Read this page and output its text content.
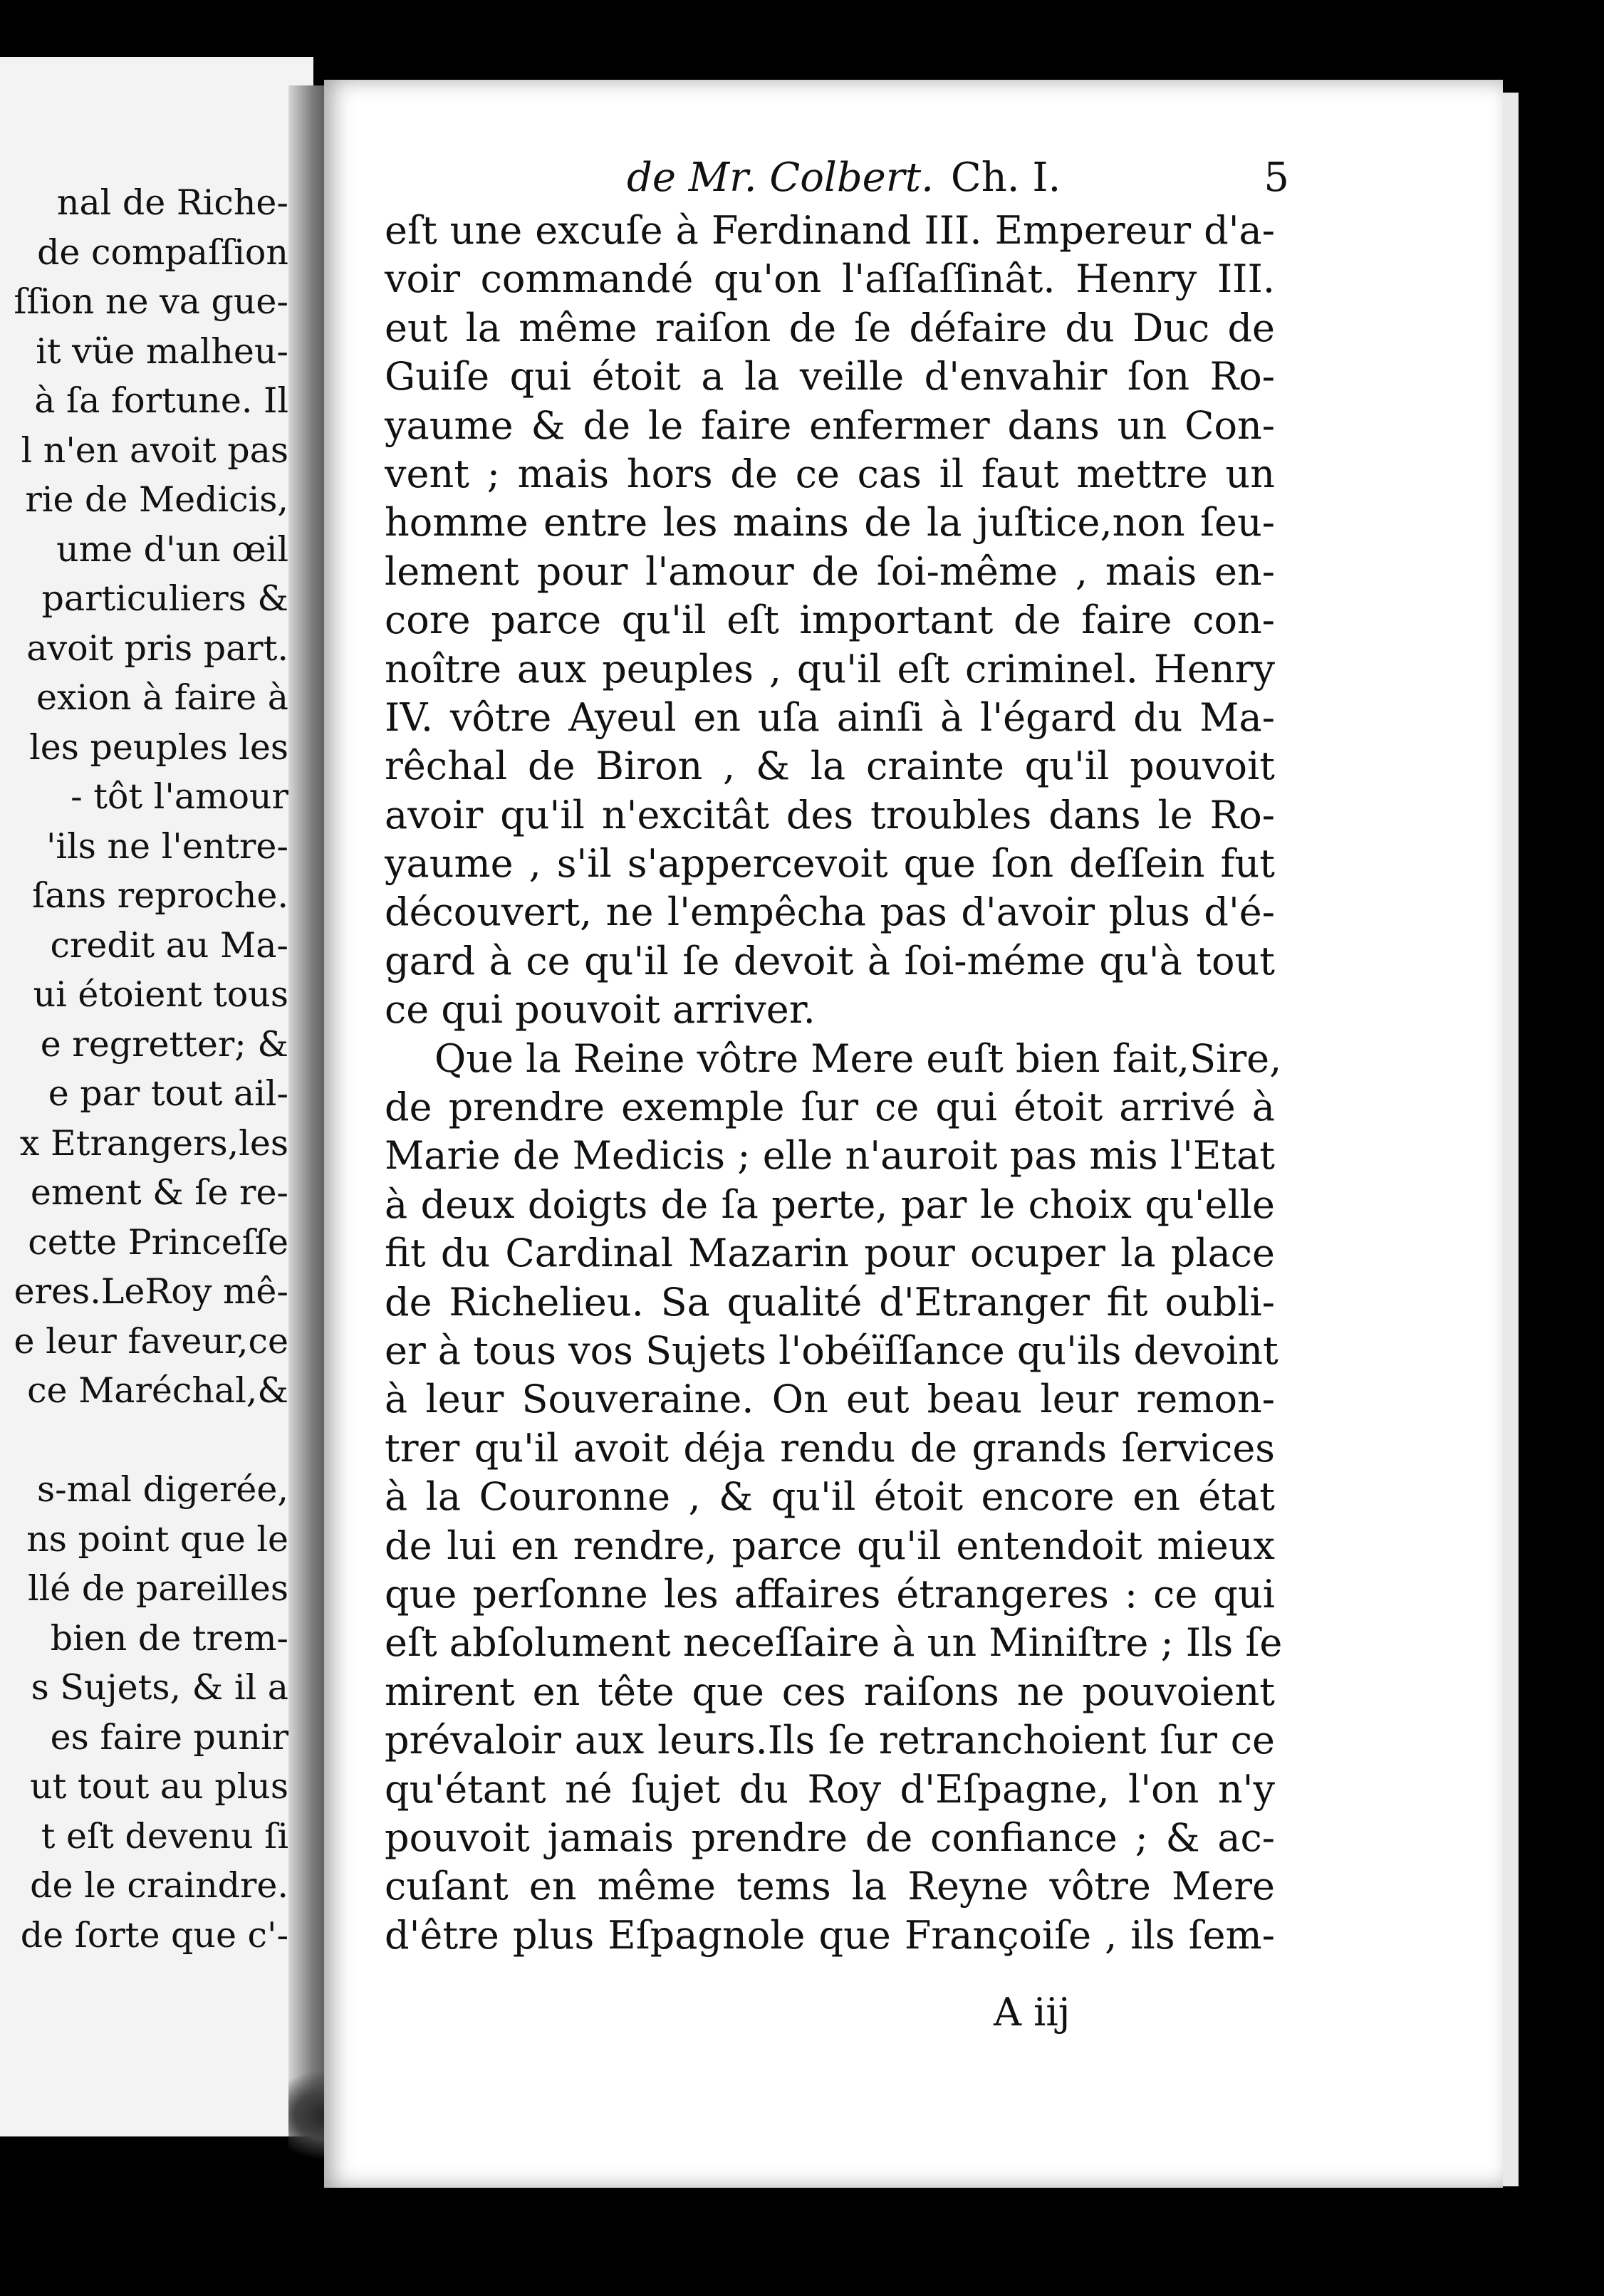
nal de Riche-
de compaſſion
ſſion ne va gue-
it vüe malheu-
à ſa fortune. Il
l n'en avoit pas
rie de Medicis,
ume d'un œil
particuliers &
avoit pris part.
exion à faire à
les peuples les
- tôt l'amour
'ils ne l'entre-
ſans reproche.
credit au Ma-
ui étoient tous
e regretter; &
e par tout ail-
x Etrangers,les
ement & ſe re-
cette Princeſſe
eres.LeRoy mê-
e leur faveur,ce
ce Maréchal,&
s-mal digerée,
ns point que le
llé de pareilles
bien de trem-
s Sujets, & il a
es faire punir
ut tout au plus
t eſt devenu ſi
de le craindre.
de ſorte que c'-
de Mr. Colbert. Ch. I.	5
eſt une excuſe à Ferdinand III. Empereur d'a-
voir commandé qu'on l'aſſaſſinât. Henry III.
eut la même raiſon de ſe défaire du Duc de
Guiſe qui étoit a la veille d'envahir ſon Ro-
yaume & de le faire enfermer dans un Con-
vent ; mais hors de ce cas il faut mettre un
homme entre les mains de la juſtice,non ſeu-
lement pour l'amour de ſoi-même , mais en-
core parce qu'il eſt important de faire con-
noître aux peuples , qu'il eſt criminel. Henry
IV. vôtre Ayeul en uſa ainſi à l'égard du Ma-
rêchal de Biron , & la crainte qu'il pouvoit
avoir qu'il n'excitât des troubles dans le Ro-
yaume , s'il s'appercevoit que ſon deſſein fut
découvert, ne l'empêcha pas d'avoir plus d'é-
gard à ce qu'il ſe devoit à ſoi-méme qu'à tout
ce qui pouvoit arriver.
Que la Reine vôtre Mere euſt bien fait,Sire,
de prendre exemple ſur ce qui étoit arrivé à
Marie de Medicis ; elle n'auroit pas mis l'Etat
à deux doigts de ſa perte, par le choix qu'elle
fit du Cardinal Mazarin pour ocuper la place
de Richelieu. Sa qualité d'Etranger fit oubli-
er à tous vos Sujets l'obéïſſance qu'ils devoint
à leur Souveraine. On eut beau leur remon-
trer qu'il avoit déja rendu de grands ſervices
à la Couronne , & qu'il étoit encore en état
de lui en rendre, parce qu'il entendoit mieux
que perſonne les affaires étrangeres : ce qui
eſt abſolument neceſſaire à un Miniſtre ; Ils ſe
mirent en tête que ces raiſons ne pouvoient
prévaloir aux leurs.Ils ſe retranchoient ſur ce
qu'étant né ſujet du Roy d'Eſpagne, l'on n'y
pouvoit jamais prendre de confiance ; & ac-
cuſant en même tems la Reyne vôtre Mere
d'être plus Eſpagnole que Françoiſe , ils ſem-
A iij
